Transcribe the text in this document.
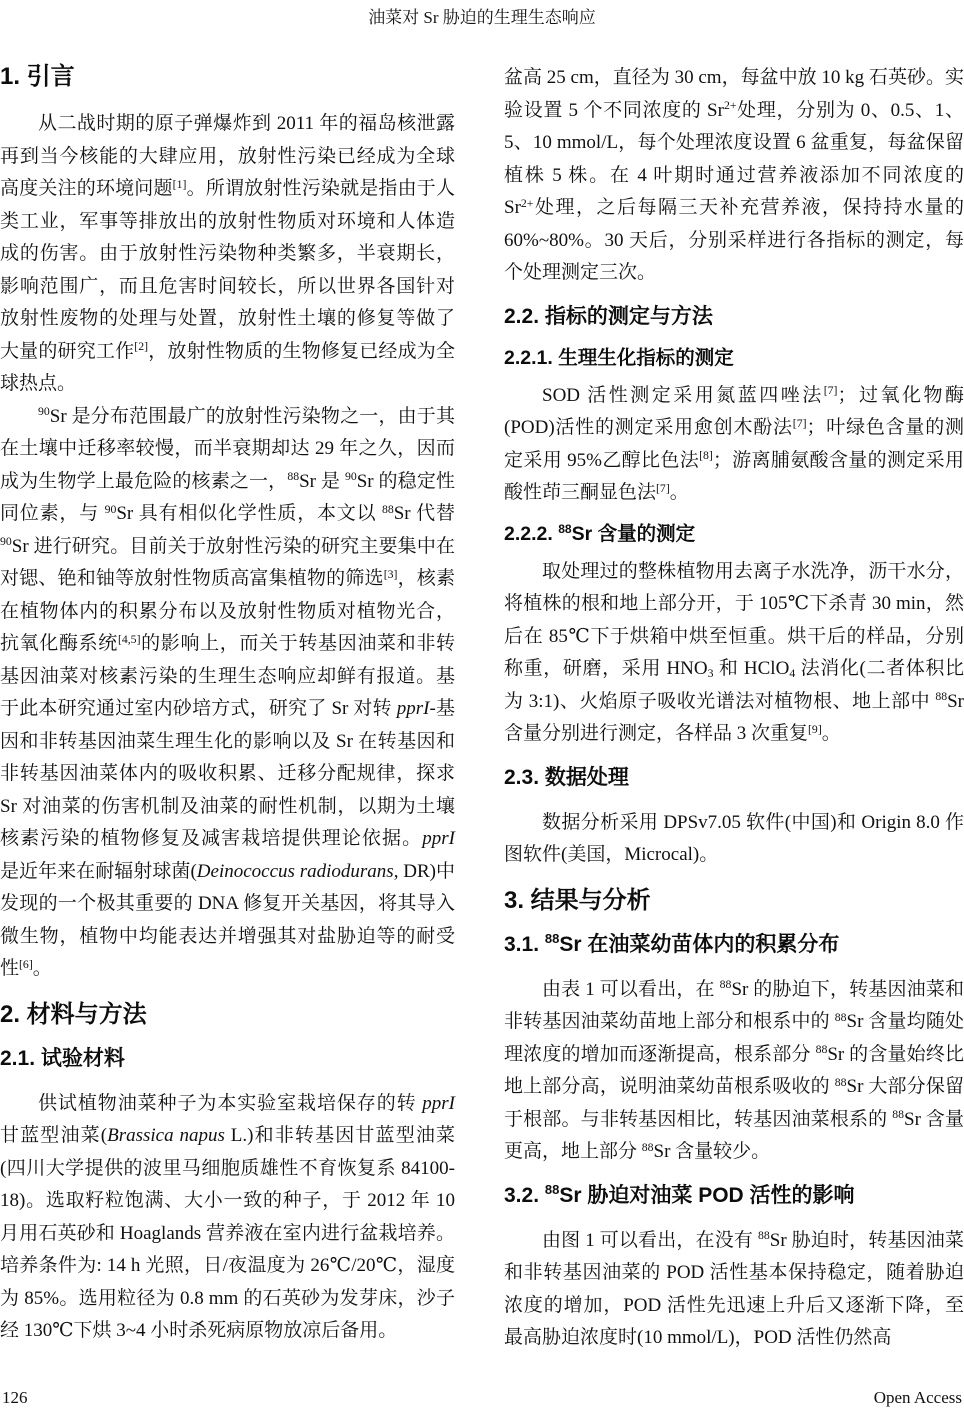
油菜对 Sr 胁迫的生理生态响应
1. 引言

从二战时期的原子弹爆炸到 2011 年的福岛核泄露再到当今核能的大肆应用，放射性污染已经成为全球高度关注的环境问题[1]。所谓放射性污染就是指由于人类工业，军事等排放出的放射性物质对环境和人体造成的伤害。由于放射性污染物种类繁多，半衰期长，影响范围广，而且危害时间较长，所以世界各国针对放射性废物的处理与处置，放射性土壤的修复等做了大量的研究工作[2]，放射性物质的生物修复已经成为全球热点。

$^{90}$Sr 是分布范围最广的放射性污染物之一，由于其在土壤中迁移率较慢，而半衰期却达 29 年之久，因而成为生物学上最危险的核素之一，$^{88}$Sr 是 $^{90}$Sr 的稳定性同位素，与 $^{90}$Sr 具有相似化学性质，本文以 $^{88}$Sr 代替 $^{90}$Sr 进行研究。目前关于放射性污染的研究主要集中在对锶、铯和铀等放射性物质高富集植物的筛选[3]，核素在植物体内的积累分布以及放射性物质对植物光合，抗氧化酶系统[4,5]的影响上，而关于转基因油菜和非转基因油菜对核素污染的生理生态响应却鲜有报道。基于此本研究通过室内砂培方式，研究了 Sr 对转 pprI-基因和非转基因油菜生理生化的影响以及 Sr 在转基因和非转基因油菜体内的吸收积累、迁移分配规律，探求 Sr 对油菜的伤害机制及油菜的耐性机制，以期为土壤核素污染的植物修复及减害栽培提供理论依据。pprI 是近年来在耐辐射球菌(Deinococcus radiodurans, DR)中发现的一个极其重要的 DNA 修复开关基因，将其导入微生物，植物中均能表达并增强其对盐胁迫等的耐受性[6]。

2. 材料与方法
2.1. 试验材料

供试植物油菜种子为本实验室栽培保存的转 pprI 甘蓝型油菜(Brassica napus L.)和非转基因甘蓝型油菜(四川大学提供的波里马细胞质雄性不育恢复系 84100-18)。选取籽粒饱满、大小一致的种子，于 2012 年 10 月用石英砂和 Hoaglands 营养液在室内进行盆栽培养。培养条件为: 14 h 光照，日/夜温度为 26℃/20℃，湿度为 85%。选用粒径为 0.8 mm 的石英砂为发芽床，沙子经 130℃下烘 3~4 小时杀死病原物放凉后备用。

盆高 25 cm，直径为 30 cm，每盆中放 10 kg 石英砂。实验设置 5 个不同浓度的 $Sr^{2+}$处理，分别为 0、0.5、1、5、10 mmol/L，每个处理浓度设置 6 盆重复，每盆保留植株 5 株。在 4 叶期时通过营养液添加不同浓度的 $Sr^{2+}$处理，之后每隔三天补充营养液，保持持水量的 60%~80%。30 天后，分别采样进行各指标的测定，每个处理测定三次。

2.2. 指标的测定与方法
2.2.1. 生理生化指标的测定

SOD 活性测定采用氮蓝四唑法[7]；过氧化物酶(POD)活性的测定采用愈创木酚法[7]；叶绿色含量的测定采用 95%乙醇比色法[8]；游离脯氨酸含量的测定采用酸性茚三酮显色法[7]。

2.2.2. $^{88}$Sr 含量的测定

取处理过的整株植物用去离子水洗净，沥干水分，将植株的根和地上部分开，于 105℃下杀青 30 min，然后在 85℃下于烘箱中烘至恒重。烘干后的样品，分别称重，研磨，采用 $HNO_3$ 和 HClO$_4$ 法消化(二者体积比为 3:1)、火焰原子吸收光谱法对植物根、地上部中 $^{88}$Sr 含量分别进行测定，各样品 3 次重复[9]。

2.3. 数据处理

数据分析采用 DPSv7.05 软件(中国)和 Origin 8.0 作图软件(美国，Microcal)。

3. 结果与分析
3.1. $^{88}$Sr 在油菜幼苗体内的积累分布

由表 1 可以看出，在 $^{88}$Sr 的胁迫下，转基因油菜和非转基因油菜幼苗地上部分和根系中的 $^{88}$Sr 含量均随处理浓度的增加而逐渐提高，根系部分 $^{88}$Sr 的含量始终比地上部分高，说明油菜幼苗根系吸收的 $^{88}$Sr 大部分保留于根部。与非转基因相比，转基因油菜根系的 $^{88}$Sr 含量更高，地上部分 $^{88}$Sr 含量较少。

3.2. $^{88}$Sr 胁迫对油菜 POD 活性的影响

由图 1 可以看出，在没有 $^{88}$Sr 胁迫时，转基因油菜和非转基因油菜的 POD 活性基本保持稳定，随着胁迫浓度的增加，POD 活性先迅速上升后又逐渐下降，至最高胁迫浓度时(10 mmol/L)，POD 活性仍然高

126	Open Access
